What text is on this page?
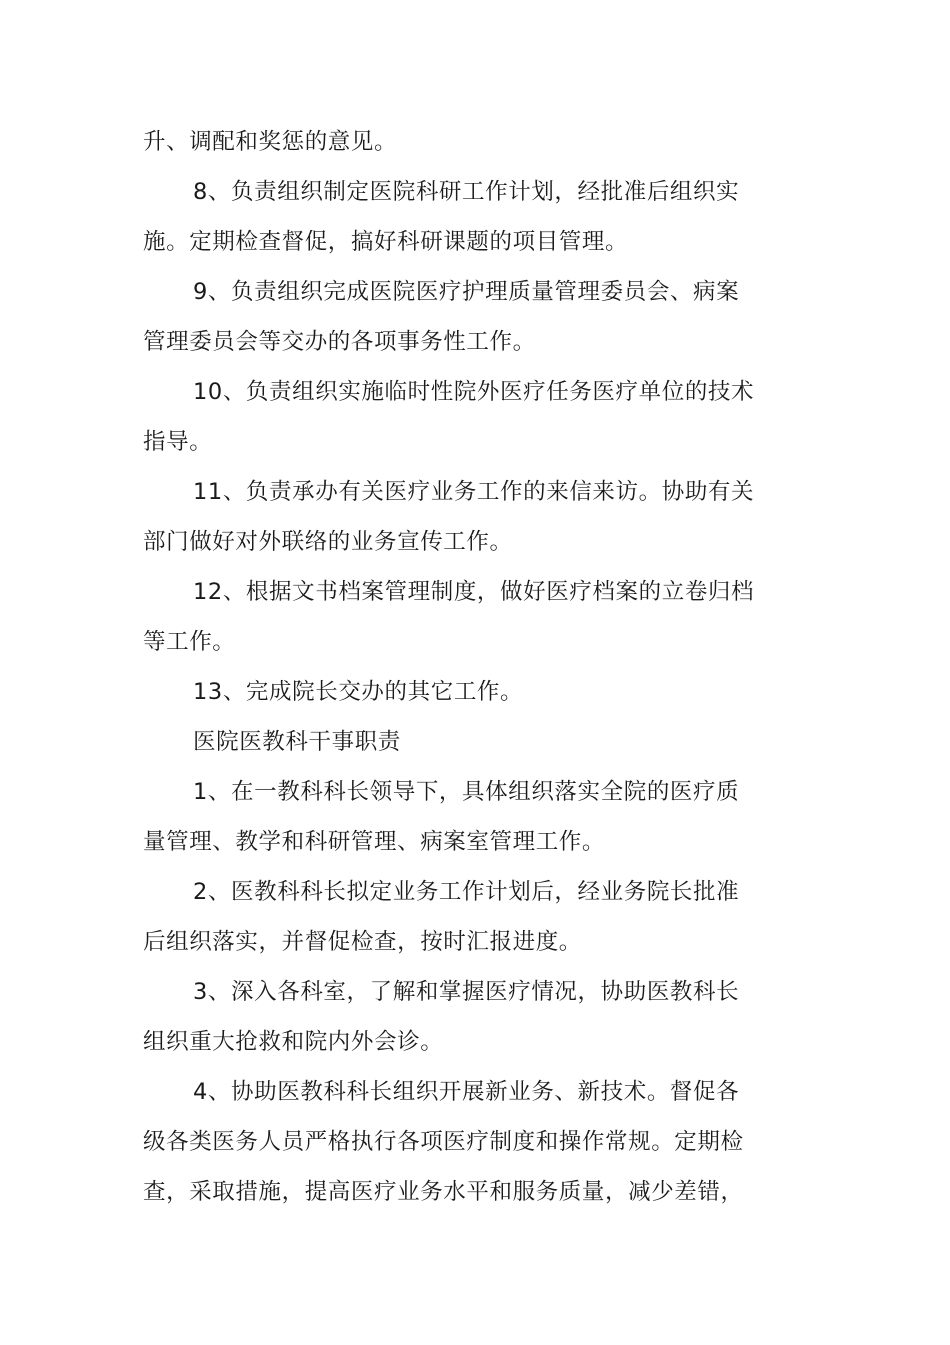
升、调配和奖惩的意见。
8、负责组织制定医院科研工作计划，经批准后组织实
施。定期检查督促，搞好科研课题的项目管理。
9、负责组织完成医院医疗护理质量管理委员会、病案
管理委员会等交办的各项事务性工作。
10、负责组织实施临时性院外医疗任务医疗单位的技术
指导。
11、负责承办有关医疗业务工作的来信来访。协助有关
部门做好对外联络的业务宣传工作。
12、根据文书档案管理制度，做好医疗档案的立卷归档
等工作。
13、完成院长交办的其它工作。
医院医教科干事职责
1、在一教科科长领导下，具体组织落实全院的医疗质
量管理、教学和科研管理、病案室管理工作。
2、医教科科长拟定业务工作计划后，经业务院长批准
后组织落实，并督促检查，按时汇报进度。
3、深入各科室，了解和掌握医疗情况，协助医教科长
组织重大抢救和院内外会诊。
4、协助医教科科长组织开展新业务、新技术。督促各
级各类医务人员严格执行各项医疗制度和操作常规。定期检
查，采取措施，提高医疗业务水平和服务质量，减少差错，
